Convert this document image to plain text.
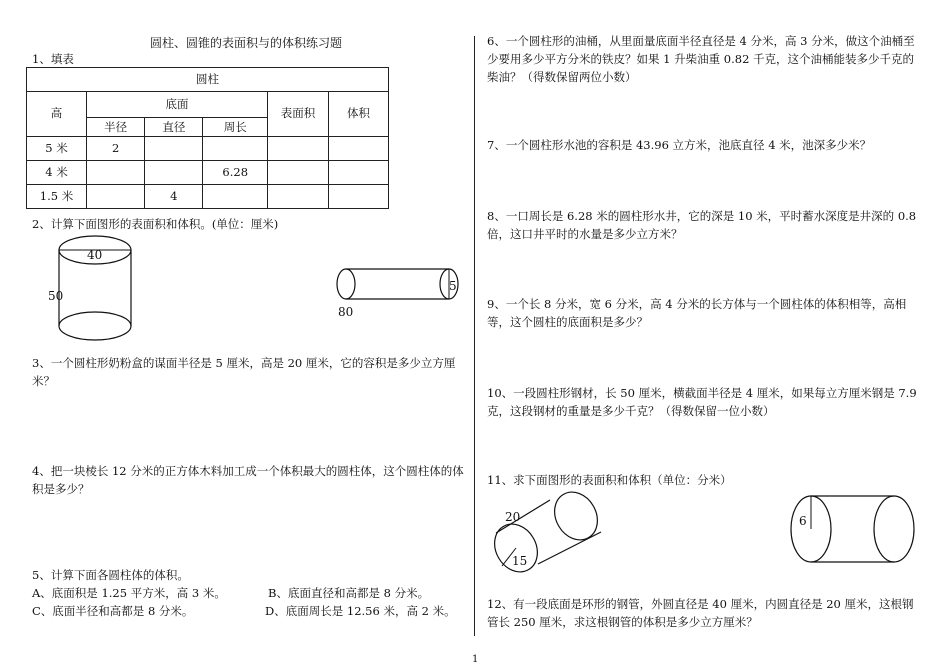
圆柱、圆锥的表面积与的体积练习题
1、填表
圆柱					
高	底面			表面积	体积
	半径	直径	周长		
5 米	2				
4 米			6.28		
1.5 米		4			
2、计算下面图形的表面积和体积。(单位：厘米)
40
50
5
80
3、一个圆柱形奶粉盒的谋面半径是 5 厘米，高是 20 厘米，它的容积是多少立方厘米？
4、把一块棱长 12 分米的正方体木料加工成一个体积最大的圆柱体，这个圆柱体的体积是多少？
5、计算下面各圆柱体的体积。
A、底面积是 1.25 平方米，高 3 米。	B、底面直径和高都是 8 分米。
C、底面半径和高都是 8 分米。	D、底面周长是 12.56 米，高 2 米。
6、一个圆柱形的油桶，从里面量底面半径直径是 4 分米，高 3 分米，做这个油桶至少要用多少平方分米的铁皮？如果 1 升柴油重 0.82 千克，这个油桶能装多少千克的柴油？（得数保留两位小数）
7、一个圆柱形水池的容积是 43.96 立方米，池底直径 4 米，池深多少米？
8、一口周长是 6.28 米的圆柱形水井，它的深是 10 米，平时蓄水深度是井深的 0.8 倍，这口井平时的水量是多少立方米？
9、一个长 8 分米，宽 6 分米，高 4 分米的长方体与一个圆柱体的体积相等，高相等，这个圆柱的底面积是多少？
10、一段圆柱形钢材，长 50 厘米，横截面半径是 4 厘米，如果每立方厘米钢是 7.9 克，这段钢材的重量是多少千克？（得数保留一位小数）
11、求下面图形的表面积和体积（单位：分米）
20
15
6
12、有一段底面是环形的钢管，外圆直径是 40 厘米，内圆直径是 20 厘米，这根钢管长 250 厘米，求这根钢管的体积是多少立方厘米？
1
